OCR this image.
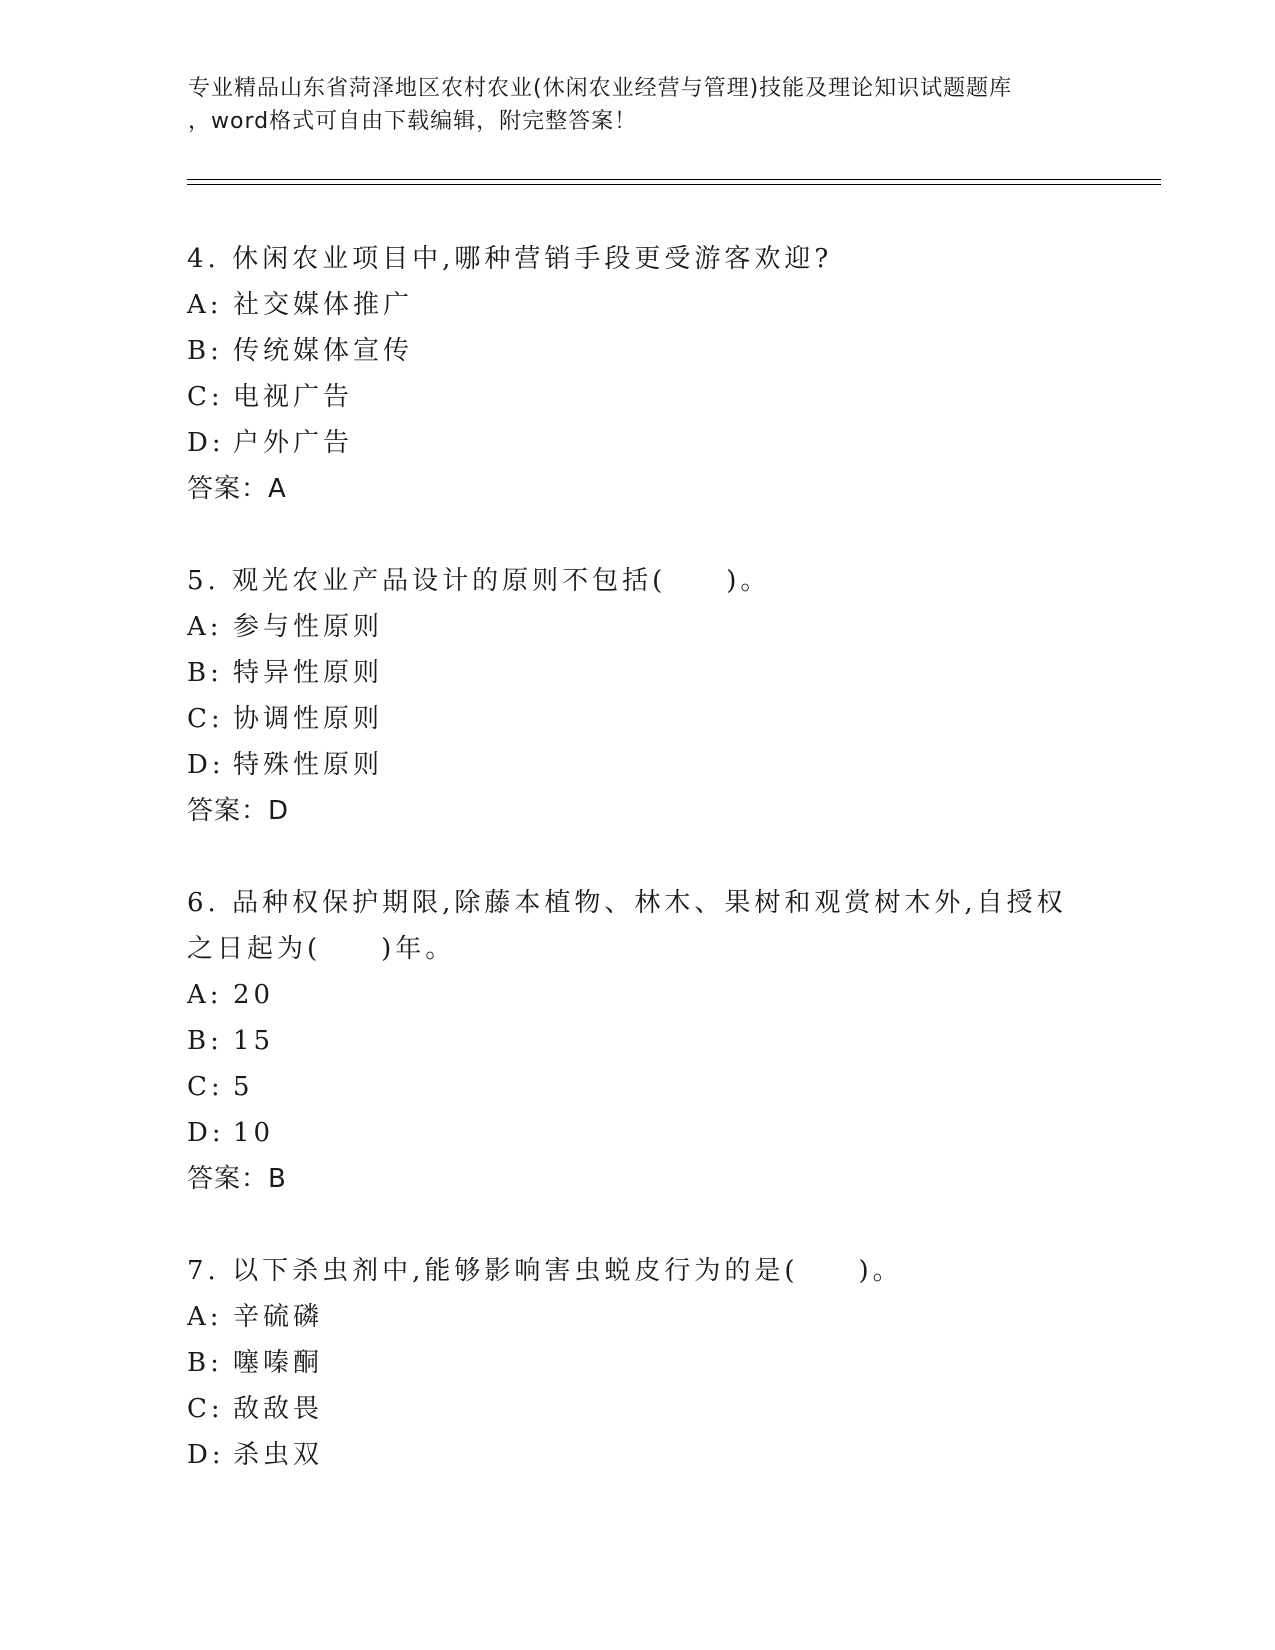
专业精品山东省菏泽地区农村农业(休闲农业经营与管理)技能及理论知识试题题库
，word格式可自由下载编辑，附完整答案！

4. 休闲农业项目中,哪种营销手段更受游客欢迎?

A: 社交媒体推广

B: 传统媒体宣传

C: 电视广告

D: 户外广告

答案：A

5. 观光农业产品设计的原则不包括(　　)。

A: 参与性原则

B: 特异性原则

C: 协调性原则

D: 特殊性原则

答案：D

6. 品种权保护期限,除藤本植物、林木、果树和观赏树木外,自授权之日起为(　　)年。

A: 20

B: 15

C: 5

D: 10

答案：B

7. 以下杀虫剂中,能够影响害虫蜕皮行为的是(　　)。

A: 辛硫磷

B: 噻嗪酮

C: 敌敌畏

D: 杀虫双
